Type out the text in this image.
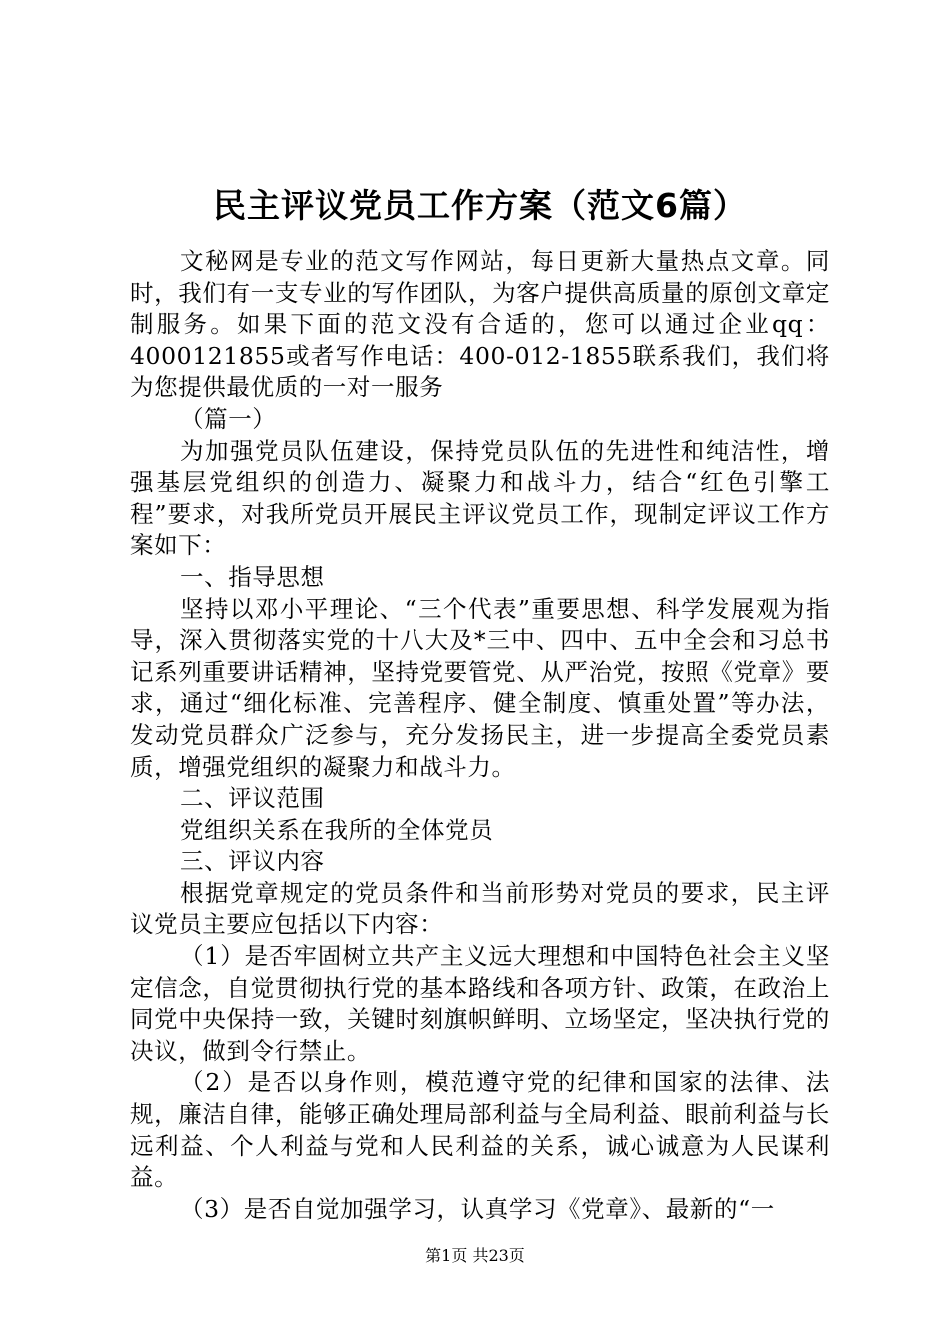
民主评议党员工作方案（范文6篇）

文秘网是专业的范文写作网站，每日更新大量热点文章。同时，我们有一支专业的写作团队，为客户提供高质量的原创文章定制服务。如果下面的范文没有合适的，您可以通过企业qq：4000121855或者写作电话：400-012-1855联系我们，我们将为您提供最优质的一对一服务

（篇一）

为加强党员队伍建设，保持党员队伍的先进性和纯洁性，增强基层党组织的创造力、凝聚力和战斗力，结合“红色引擎工程”要求，对我所党员开展民主评议党员工作，现制定评议工作方案如下：

一、指导思想

坚持以邓小平理论、“三个代表”重要思想、科学发展观为指导，深入贯彻落实党的十八大及*三中、四中、五中全会和习总书记系列重要讲话精神，坚持党要管党、从严治党，按照《党章》要求，通过“细化标准、完善程序、健全制度、慎重处置”等办法，发动党员群众广泛参与，充分发扬民主，进一步提高全委党员素质，增强党组织的凝聚力和战斗力。

二、评议范围

党组织关系在我所的全体党员

三、评议内容

根据党章规定的党员条件和当前形势对党员的要求，民主评议党员主要应包括以下内容：

（1）是否牢固树立共产主义远大理想和中国特色社会主义坚定信念，自觉贯彻执行党的基本路线和各项方针、政策，在政治上同党中央保持一致，关键时刻旗帜鲜明、立场坚定，坚决执行党的决议，做到令行禁止。

（2）是否以身作则，模范遵守党的纪律和国家的法律、法规，廉洁自律，能够正确处理局部利益与全局利益、眼前利益与长远利益、个人利益与党和人民利益的关系，诚心诚意为人民谋利益。

（3）是否自觉加强学习，认真学习《党章》、最新的“一

第1页 共23页
